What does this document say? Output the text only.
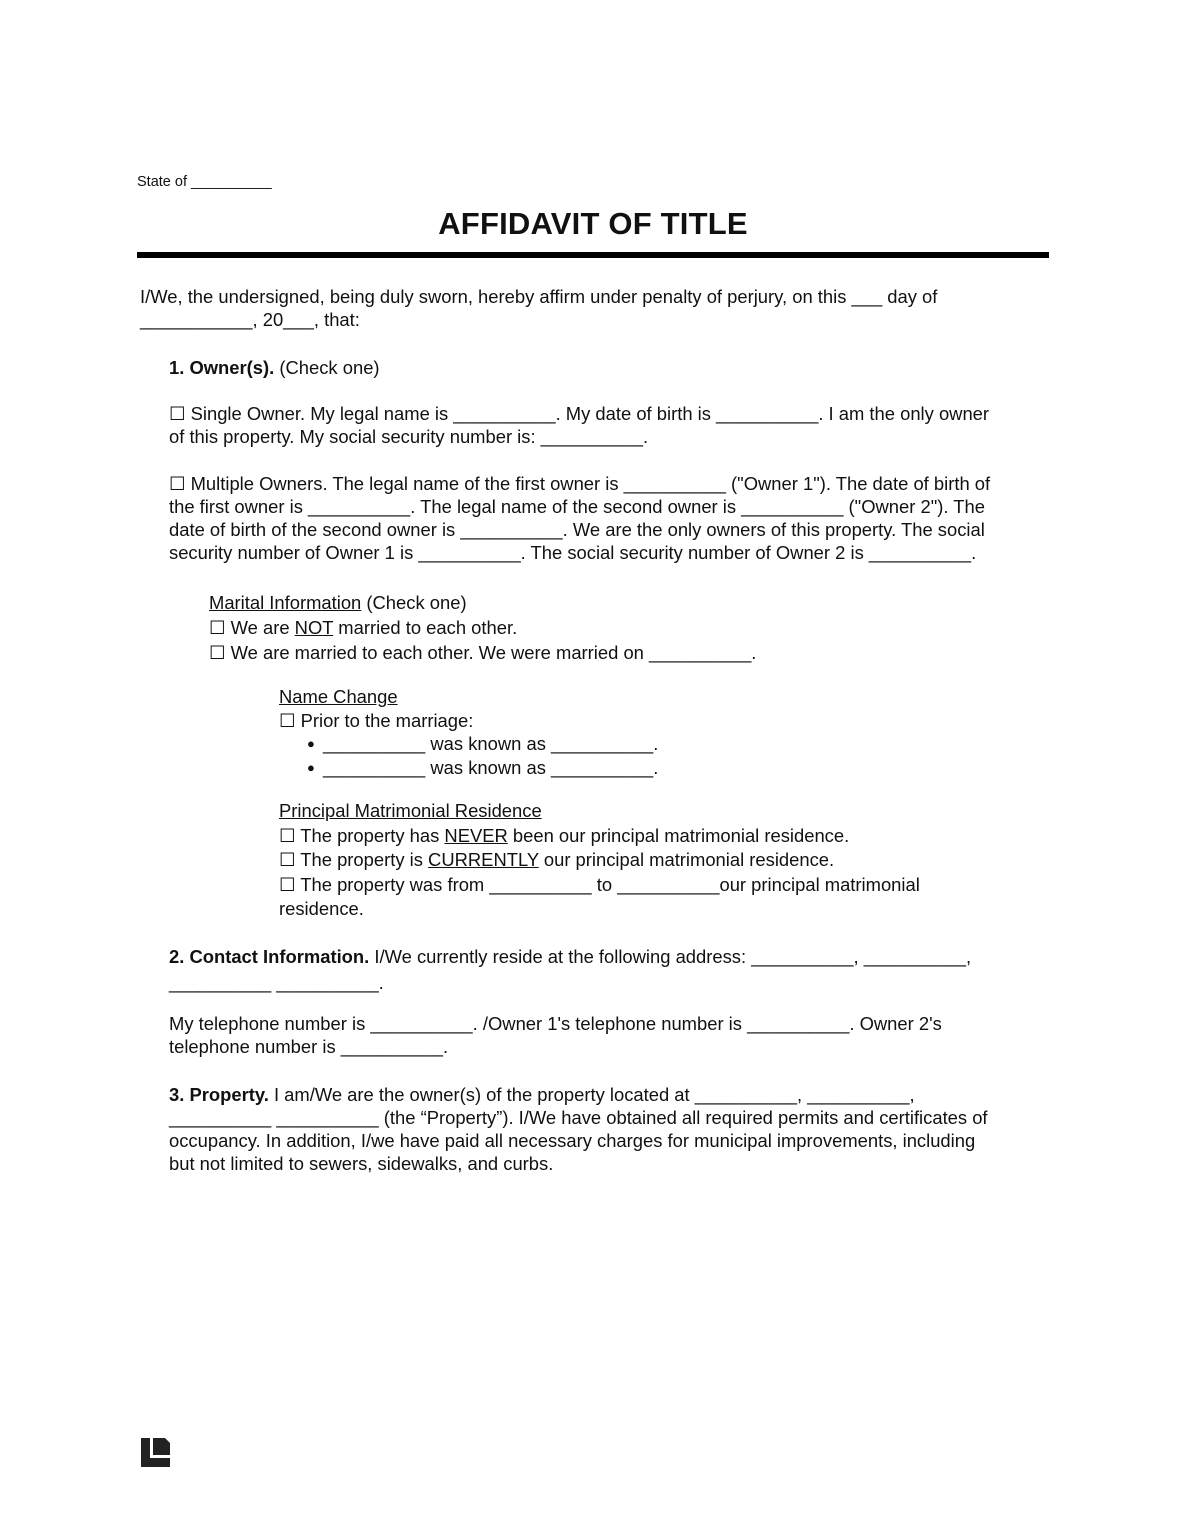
State of __________
AFFIDAVIT OF TITLE
I/We, the undersigned, being duly sworn, hereby affirm under penalty of perjury, on this ___ day of
___________, 20___, that:
1. Owner(s). (Check one)
☐ Single Owner. My legal name is __________. My date of birth is __________. I am the only owner
of this property. My social security number is: __________.
☐ Multiple Owners. The legal name of the first owner is __________ ("Owner 1"). The date of birth of
the first owner is __________. The legal name of the second owner is __________ ("Owner 2"). The
date of birth of the second owner is __________. We are the only owners of this property. The social
security number of Owner 1 is __________. The social security number of Owner 2 is __________.
Marital Information (Check one)
☐ We are NOT married to each other.
☐ We are married to each other. We were married on __________.
Name Change
☐ Prior to the marriage:
● __________ was known as __________.
● __________ was known as __________.
Principal Matrimonial Residence
☐ The property has NEVER been our principal matrimonial residence.
☐ The property is CURRENTLY our principal matrimonial residence.
☐ The property was from __________ to __________our principal matrimonial
residence.
2. Contact Information. I/We currently reside at the following address: __________, __________,
__________ __________.
My telephone number is __________. /Owner 1's telephone number is __________. Owner 2's
telephone number is __________.
3. Property. I am/We are the owner(s) of the property located at __________, __________,
__________ __________ (the “Property”). I/We have obtained all required permits and certificates of
occupancy. In addition, I/we have paid all necessary charges for municipal improvements, including
but not limited to sewers, sidewalks, and curbs.
